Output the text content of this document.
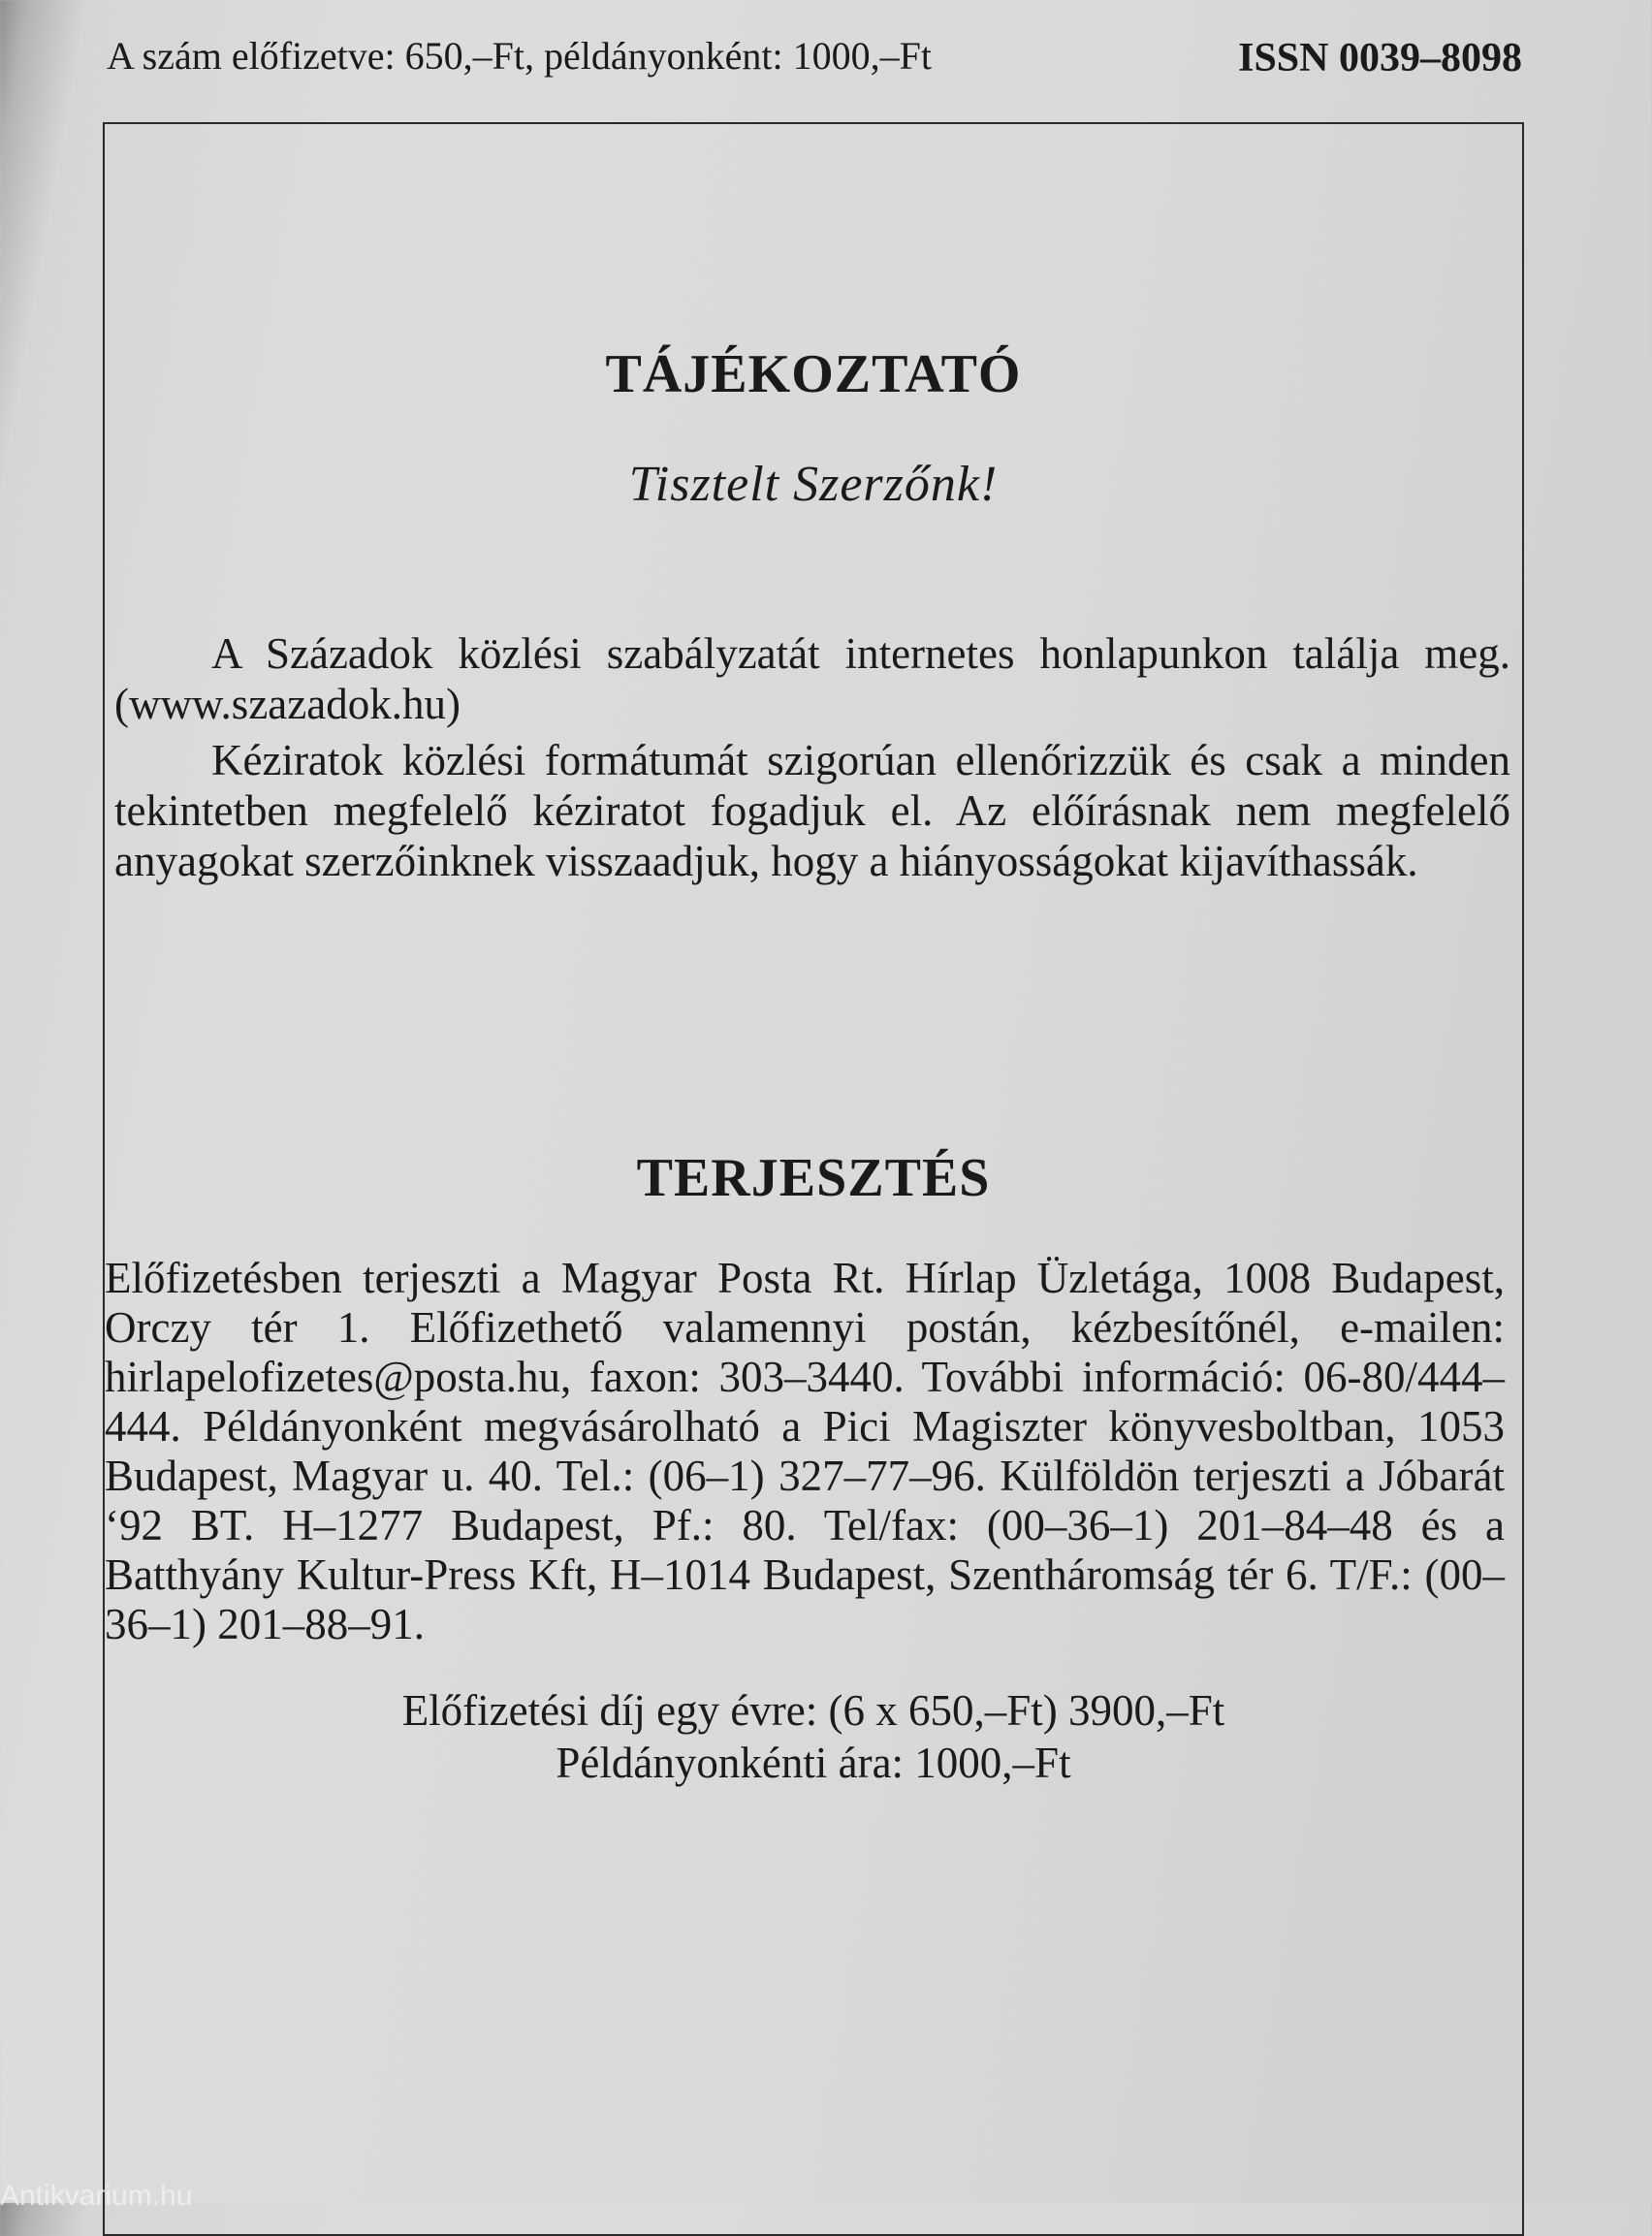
A szám előfizetve: 650,–Ft, példányonként: 1000,–Ft	ISSN 0039–8098
TÁJÉKOZTATÓ
Tisztelt Szerzőnk!

A Századok közlési szabályzatát internetes honlapunkon találja meg. (www.szazadok.hu)

Kéziratok közlési formátumát szigorúan ellenőrizzük és csak a minden tekintetben megfelelő kéziratot fogadjuk el. Az előírásnak nem megfelelő anyagokat szerzőinknek visszaadjuk, hogy a hiányosságokat kijavíthassák.

TERJESZTÉS

Előfizetésben terjeszti a Magyar Posta Rt. Hírlap Üzletága, 1008 Budapest, Orczy tér 1. Előfizethető valamennyi postán, kézbesítőnél, e-mailen: hirlapelofizetes@posta.hu, faxon: 303–3440. További információ: 06-80/444–444. Példányonként megvásárolható a Pici Magiszter könyvesboltban, 1053 Budapest, Magyar u. 40. Tel.: (06–1) 327–77–96. Külföldön terjeszti a Jóbarát ‘92 BT. H–1277 Budapest, Pf.: 80. Tel/fax: (00–36–1) 201–84–48 és a Batthyány Kultur-Press Kft, H–1014 Budapest, Szentháromság tér 6. T/F.: (00–36–1) 201–88–91.

Előfizetési díj egy évre: (6 x 650,–Ft) 3900,–Ft
Példányonkénti ára: 1000,–Ft
Antikvarium.hu
